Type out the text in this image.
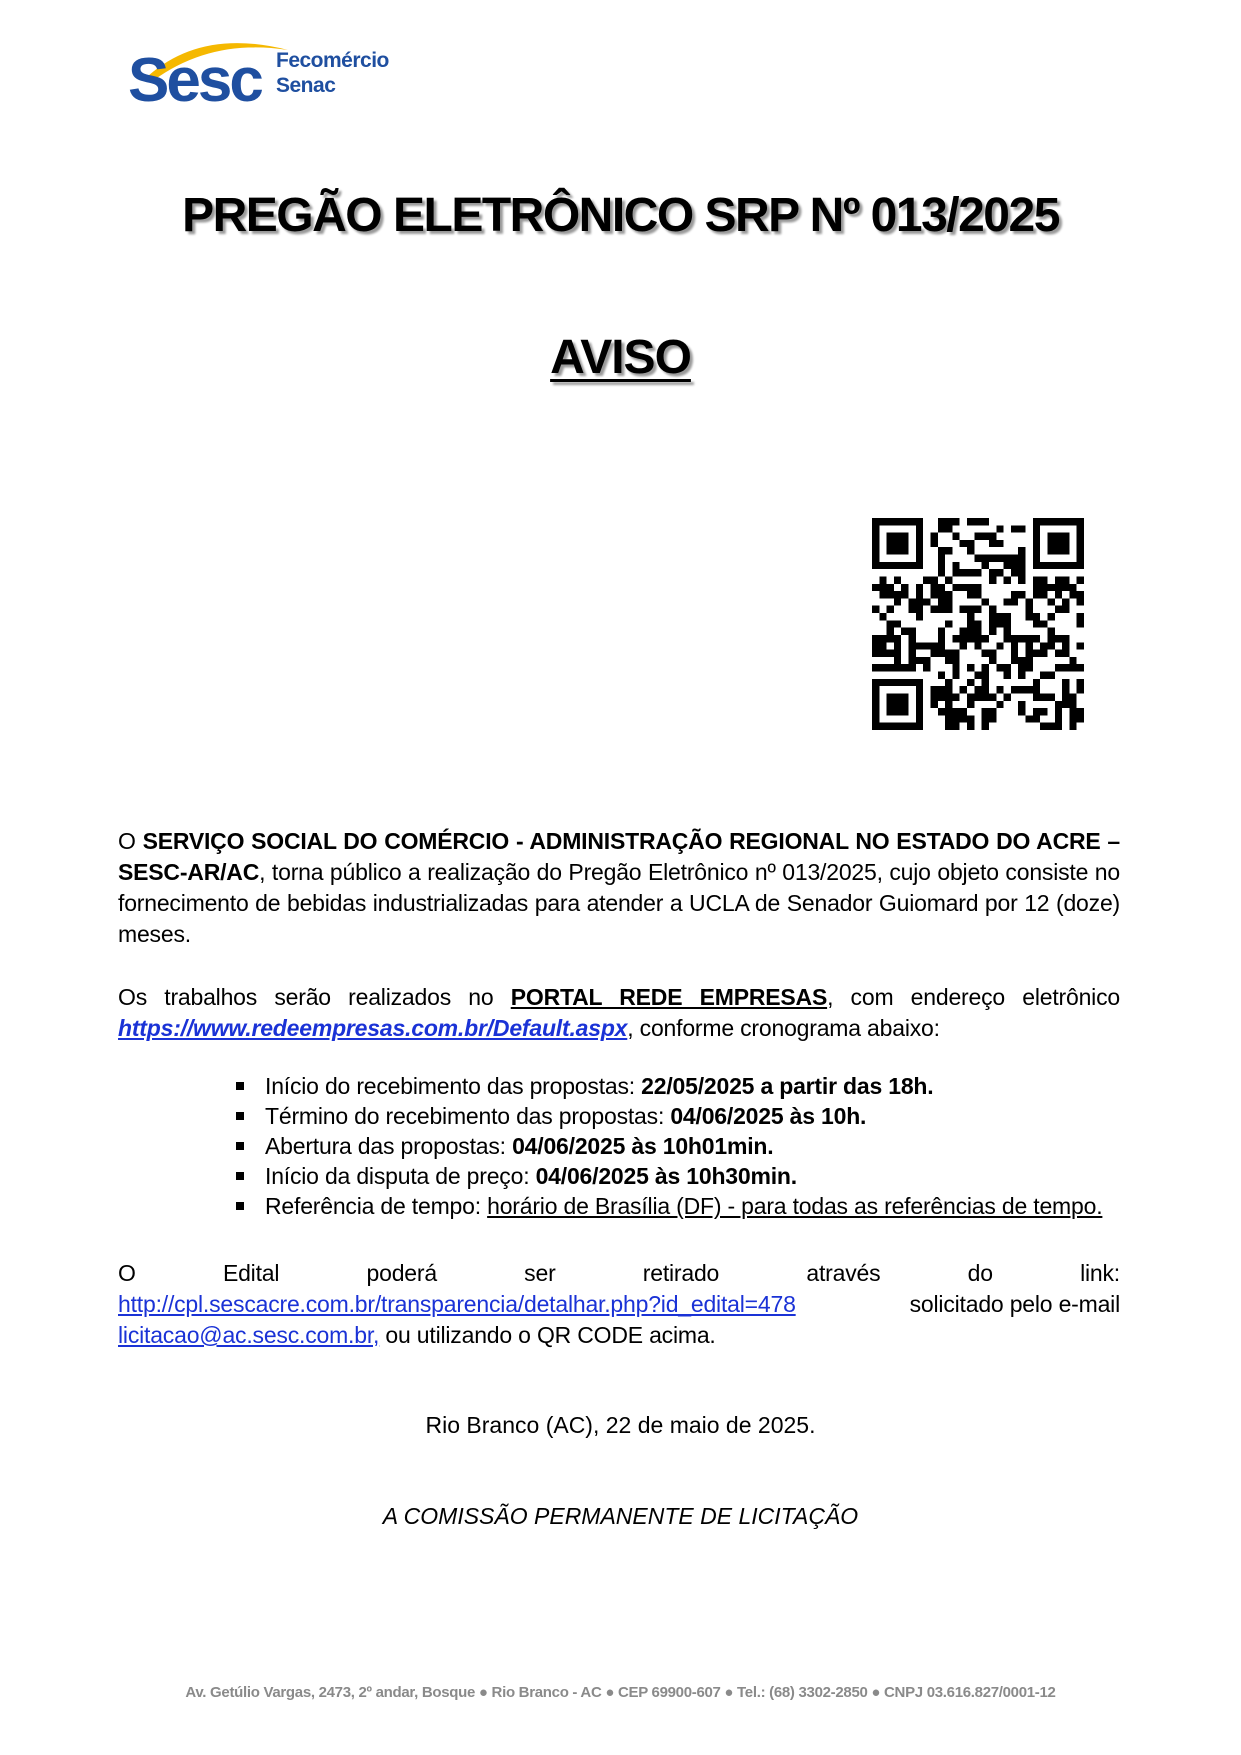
Sesc Fecomércio
Senac
PREGÃO ELETRÔNICO SRP Nº 013/2025
AVISO
O SERVIÇO SOCIAL DO COMÉRCIO - ADMINISTRAÇÃO REGIONAL NO ESTADO DO ACRE – SESC-AR/AC, torna público a realização do Pregão Eletrônico nº 013/2025, cujo objeto consiste no fornecimento de bebidas industrializadas para atender a UCLA de Senador Guiomard por 12 (doze) meses.
Os trabalhos serão realizados no PORTAL REDE EMPRESAS, com endereço eletrônico https://www.redeempresas.com.br/Default.aspx, conforme cronograma abaixo:
Início do recebimento das propostas: 22/05/2025 a partir das 18h.
Término do recebimento das propostas: 04/06/2025 às 10h.
Abertura das propostas: 04/06/2025 às 10h01min.
Início da disputa de preço: 04/06/2025 às 10h30min.
Referência de tempo: horário de Brasília (DF) - para todas as referências de tempo.
O	Edital	poderá	ser	retirado	através	do	link:
http://cpl.sescacre.com.br/transparencia/detalhar.php?id_edital=478	solicitado pelo e-mail
licitacao@ac.sesc.com.br, ou utilizando o QR CODE acima.
Rio Branco (AC), 22 de maio de 2025.
A COMISSÃO PERMANENTE DE LICITAÇÃO
Av. Getúlio Vargas, 2473, 2º andar, Bosque ● Rio Branco - AC ● CEP 69900-607 ● Tel.: (68) 3302-2850 ● CNPJ 03.616.827/0001-12
